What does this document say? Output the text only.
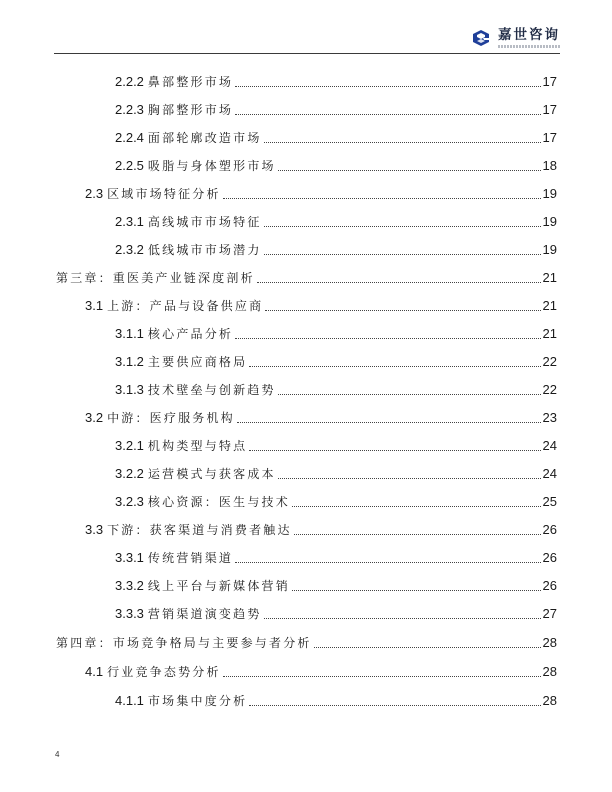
嘉世咨询
2.2.2 鼻部整形市场	17
2.2.3 胸部整形市场	17
2.2.4 面部轮廓改造市场	17
2.2.5 吸脂与身体塑形市场	18
2.3 区域市场特征分析	19
2.3.1 高线城市市场特征	19
2.3.2 低线城市市场潜力	19
第三章：重医美产业链深度剖析	21
3.1 上游：产品与设备供应商	21
3.1.1 核心产品分析	21
3.1.2 主要供应商格局	22
3.1.3 技术壁垒与创新趋势	22
3.2 中游：医疗服务机构	23
3.2.1 机构类型与特点	24
3.2.2 运营模式与获客成本	24
3.2.3 核心资源：医生与技术	25
3.3 下游：获客渠道与消费者触达	26
3.3.1 传统营销渠道	26
3.3.2 线上平台与新媒体营销	26
3.3.3 营销渠道演变趋势	27
第四章：市场竞争格局与主要参与者分析	28
4.1 行业竞争态势分析	28
4.1.1 市场集中度分析	28
4
